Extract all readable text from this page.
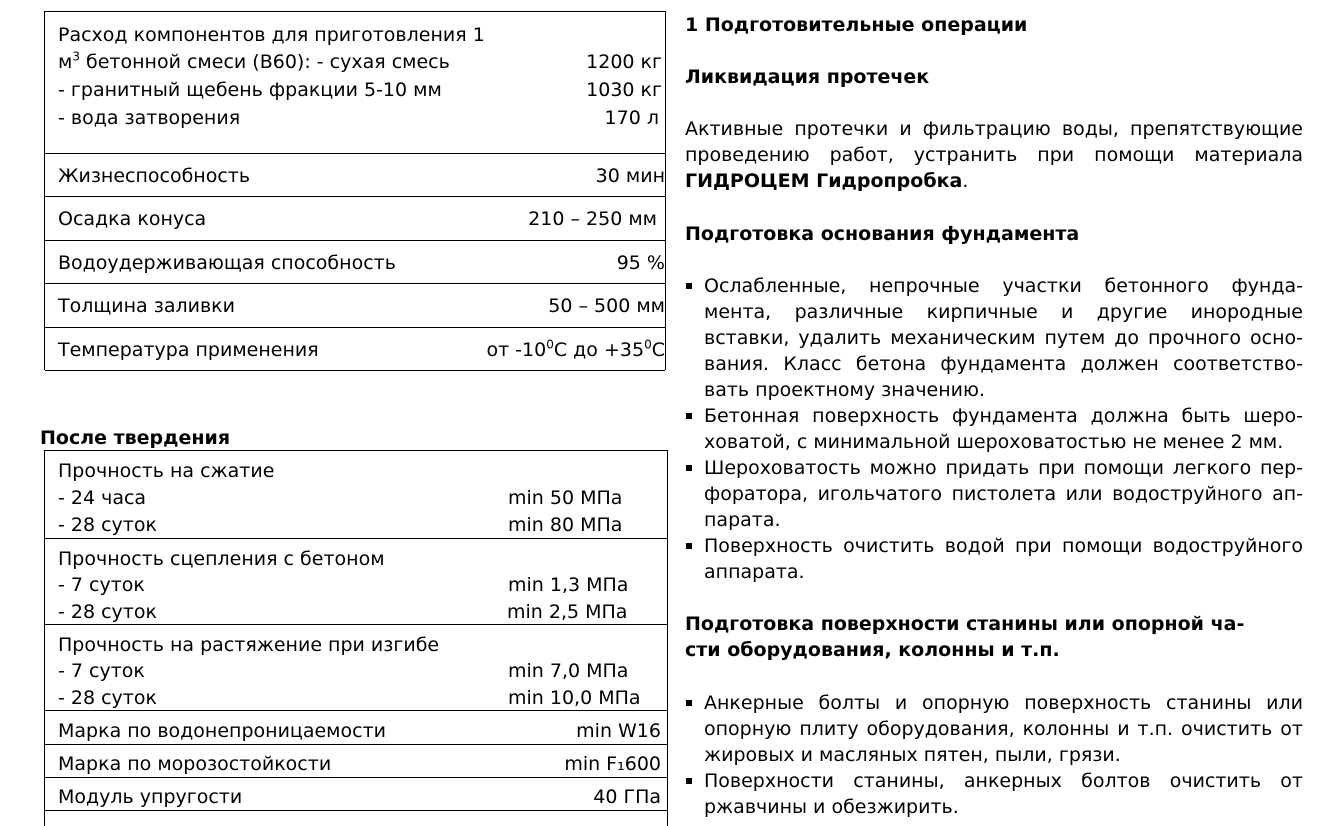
Расход компонентов для приготовления 1
$м^3$ бетонной смеси (В60): - сухая смесь	1200 кг
- гранитный щебень фракции 5-10 мм	1030 кг
- вода затворения	170 л
Жизнеспособность	30 мин
Осадка конуса	210 – 250 мм
Водоудерживающая способность	95 %
Толщина заливки	50 – 500 мм
Температура применения	от $-10^0С$ до $+35^0С$
После твердения
Прочность на сжатие
- 24 часа	min 50 МПа
- 28 суток	min 80 МПа
Прочность сцепления с бетоном
- 7 суток	min 1,3 МПа
- 28 суток	min 2,5 МПа
Прочность на растяжение при изгибе
- 7 суток	min 7,0 МПа
- 28 суток	min 10,0 МПа
Марка по водонепроницаемости	min W16
Марка по морозостойкости	min F₁600
Модуль упругости	40 ГПа
1 Подготовительные операции
Ликвидация протечек
Активные протечки и фильтрацию воды, препятствующие проведению работ, устранить при помощи материала ГИДРОЦЕМ Гидропробка.
Подготовка основания фундамента
Ослабленные, непрочные участки бетонного фунда-мента, различные кирпичные и другие инородные вставки, удалить механическим путем до прочного осно-вания. Класс бетона фундамента должен соответство-вать проектному значению.
Бетонная поверхность фундамента должна быть шеро-ховатой, с минимальной шероховатостью не менее 2 мм.
Шероховатость можно придать при помощи легкого пер-форатора, игольчатого пистолета или водоструйного ап-парата.
Поверхность очистить водой при помощи водоструйного аппарата.
Подготовка поверхности станины или опорной ча-
сти оборудования, колонны и т.п.
Анкерные болты и опорную поверхность станины или опорную плиту оборудования, колонны и т.п. очистить от жировых и масляных пятен, пыли, грязи.
Поверхности станины, анкерных болтов очистить от ржавчины и обезжирить.
